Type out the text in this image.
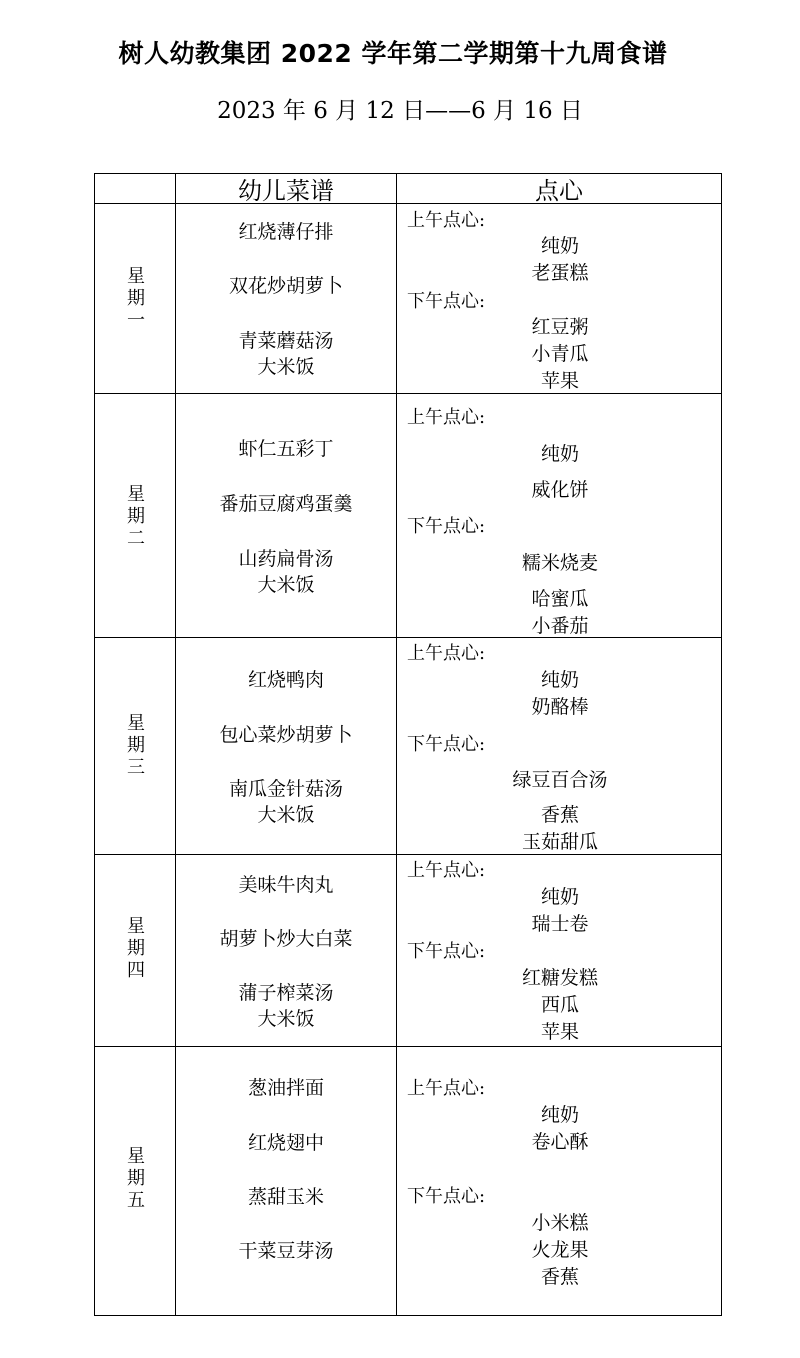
树人幼教集团 2022 学年第二学期第十九周食谱
2023 年 6 月 12 日——6 月 16 日
幼儿菜谱	点心
星
期
一
红烧薄仔排
双花炒胡萝卜
青菜蘑菇汤
大米饭
上午点心:
纯奶
老蛋糕
下午点心:
红豆粥
小青瓜
苹果
星
期
二
虾仁五彩丁
番茄豆腐鸡蛋羹
山药扁骨汤
大米饭
上午点心:
纯奶
威化饼
下午点心:
糯米烧麦
哈蜜瓜
小番茄
星
期
三
红烧鸭肉
包心菜炒胡萝卜
南瓜金针菇汤
大米饭
上午点心:
纯奶
奶酪棒
下午点心:
绿豆百合汤
香蕉
玉茹甜瓜
星
期
四
美味牛肉丸
胡萝卜炒大白菜
蒲子榨菜汤
大米饭
上午点心:
纯奶
瑞士卷
下午点心:
红糖发糕
西瓜
苹果
星
期
五
葱油拌面
红烧翅中
蒸甜玉米
干菜豆芽汤
上午点心:
纯奶
卷心酥
下午点心:
小米糕
火龙果
香蕉
